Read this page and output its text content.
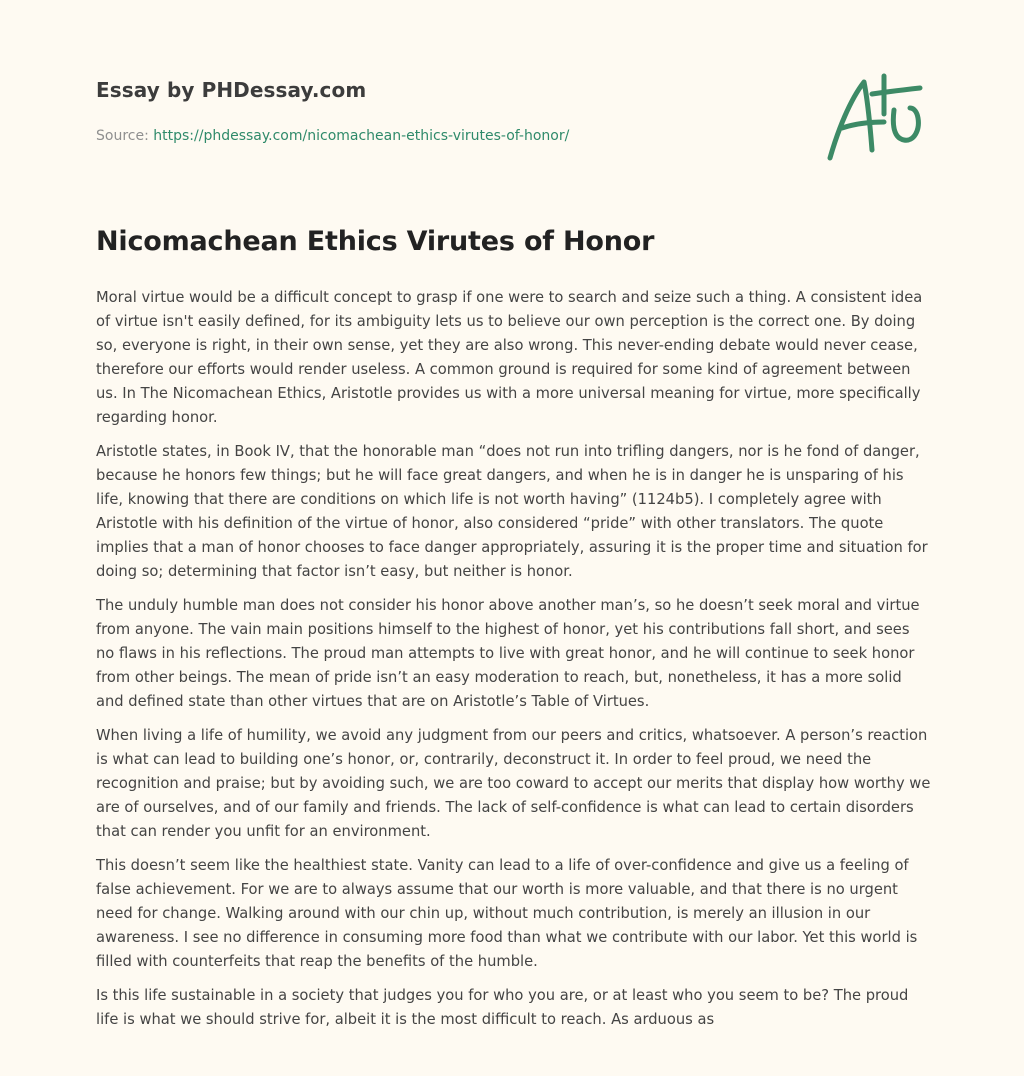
Essay by PHDessay.com
Source: https://phdessay.com/nicomachean-ethics-virutes-of-honor/
Nicomachean Ethics Virutes of Honor

Moral virtue would be a difficult concept to grasp if one were to search and seize such a thing. A consistent idea of virtue isn't easily defined, for its ambiguity lets us to believe our own perception is the correct one. By doing so, everyone is right, in their own sense, yet they are also wrong. This never-ending debate would never cease, therefore our efforts would render useless. A common ground is required for some kind of agreement between us. In The Nicomachean Ethics, Aristotle provides us with a more universal meaning for virtue, more specifically regarding honor.

Aristotle states, in Book IV, that the honorable man “does not run into trifling dangers, nor is he fond of danger, because he honors few things; but he will face great dangers, and when he is in danger he is unsparing of his life, knowing that there are conditions on which life is not worth having” (1124b5). I completely agree with Aristotle with his definition of the virtue of honor, also considered “pride” with other translators. The quote implies that a man of honor chooses to face danger appropriately, assuring it is the proper time and situation for doing so; determining that factor isn’t easy, but neither is honor.

The unduly humble man does not consider his honor above another man’s, so he doesn’t seek moral and virtue from anyone. The vain main positions himself to the highest of honor, yet his contributions fall short, and sees no flaws in his reflections. The proud man attempts to live with great honor, and he will continue to seek honor from other beings. The mean of pride isn’t an easy moderation to reach, but, nonetheless, it has a more solid and defined state than other virtues that are on Aristotle’s Table of Virtues.

When living a life of humility, we avoid any judgment from our peers and critics, whatsoever. A person’s reaction is what can lead to building one’s honor, or, contrarily, deconstruct it. In order to feel proud, we need the recognition and praise; but by avoiding such, we are too coward to accept our merits that display how worthy we are of ourselves, and of our family and friends. The lack of self-confidence is what can lead to certain disorders that can render you unfit for an environment.

This doesn’t seem like the healthiest state. Vanity can lead to a life of over-confidence and give us a feeling of false achievement. For we are to always assume that our worth is more valuable, and that there is no urgent need for change. Walking around with our chin up, without much contribution, is merely an illusion in our awareness. I see no difference in consuming more food than what we contribute with our labor. Yet this world is filled with counterfeits that reap the benefits of the humble.

Is this life sustainable in a society that judges you for who you are, or at least who you seem to be? The proud life is what we should strive for, albeit it is the most difficult to reach. As arduous as
